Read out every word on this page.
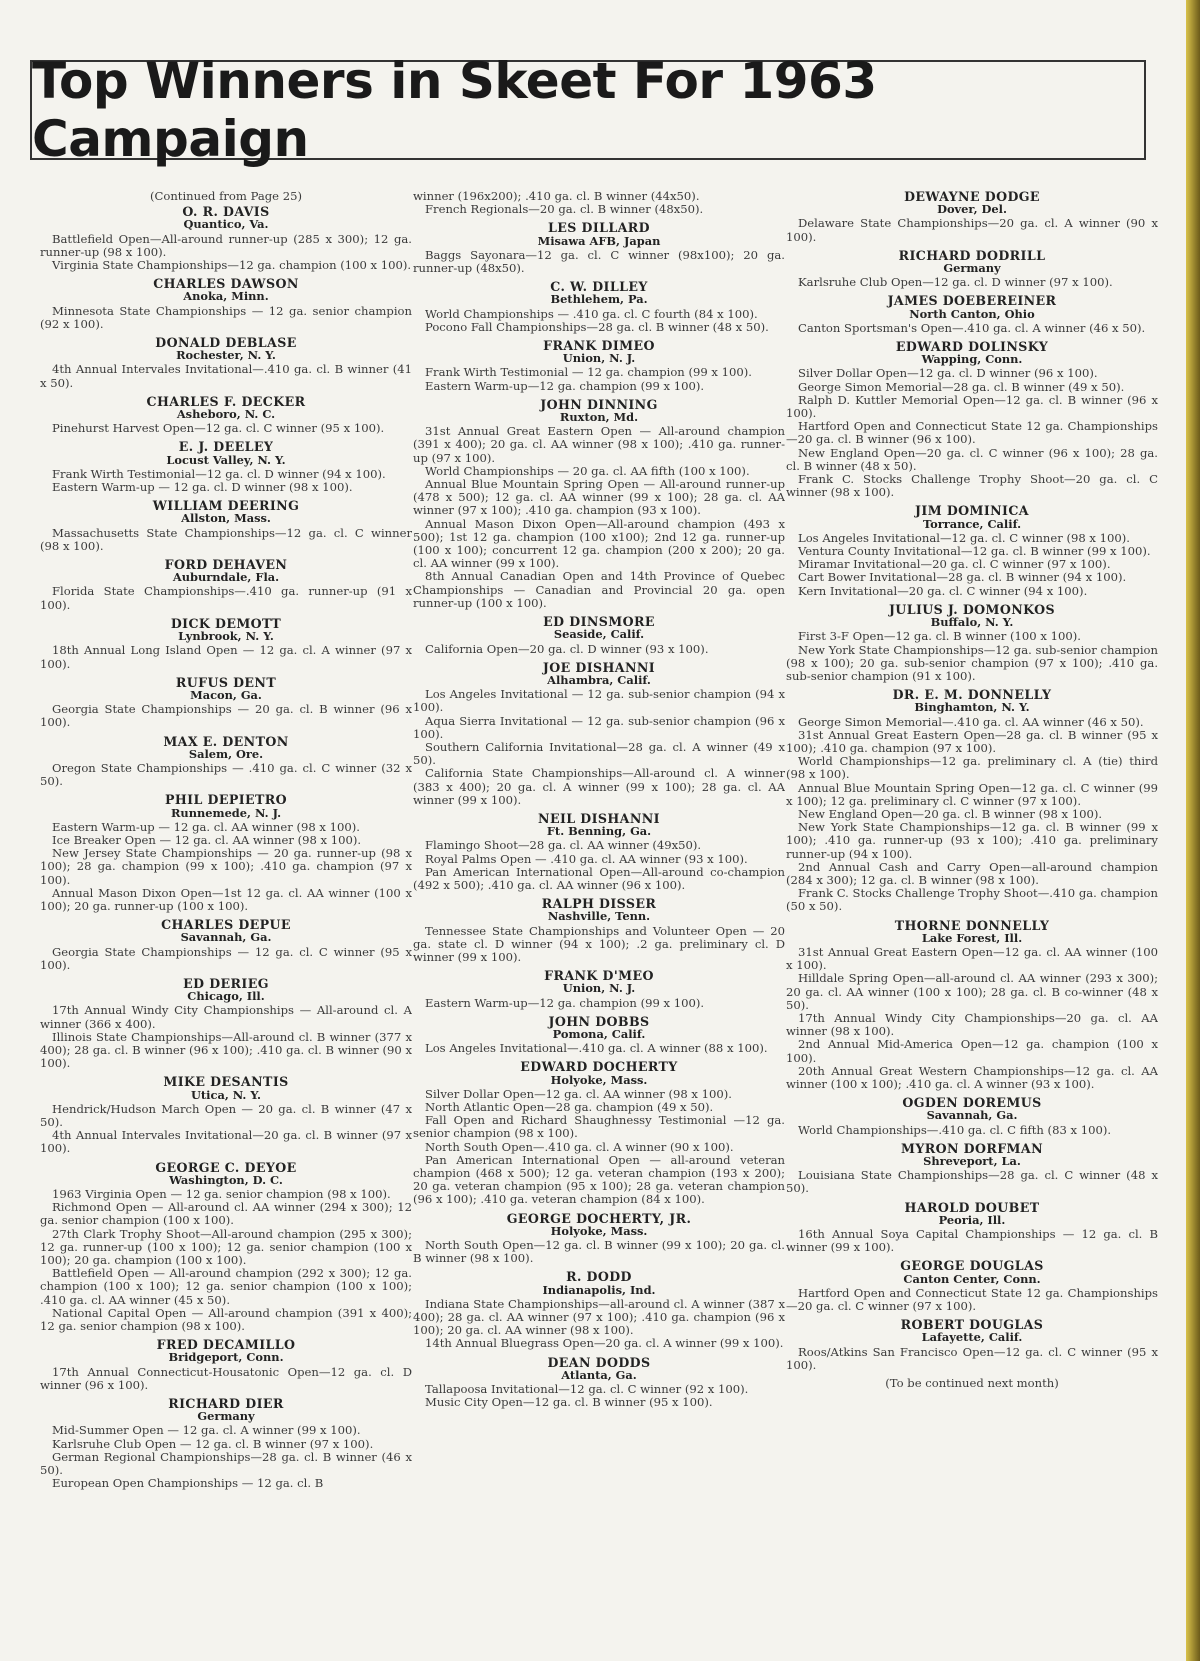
Top Winners in Skeet For 1963 Campaign
(Continued from Page 25)
O. R. DAVIS
Quantico, Va.

Battlefield Open—All-around runner-up (285 x 300); 12 ga. runner-up (98 x 100).

Virginia State Championships—12 ga. champion (100 x 100).

CHARLES DAWSON
Anoka, Minn.

Minnesota State Championships — 12 ga. senior champion (92 x 100).

DONALD DEBLASE
Rochester, N. Y.

4th Annual Intervales Invitational—.410 ga. cl. B winner (41 x 50).

CHARLES F. DECKER
Asheboro, N. C.

Pinehurst Harvest Open—12 ga. cl. C winner (95 x 100).

E. J. DEELEY
Locust Valley, N. Y.

Frank Wirth Testimonial—12 ga. cl. D winner (94 x 100).

Eastern Warm-up — 12 ga. cl. D winner (98 x 100).

WILLIAM DEERING
Allston, Mass.

Massachusetts State Championships—12 ga. cl. C winner (98 x 100).

FORD DEHAVEN
Auburndale, Fla.

Florida State Championships—.410 ga. runner-up (91 x 100).

DICK DEMOTT
Lynbrook, N. Y.

18th Annual Long Island Open — 12 ga. cl. A winner (97 x 100).

RUFUS DENT
Macon, Ga.

Georgia State Championships — 20 ga. cl. B winner (96 x 100).

MAX E. DENTON
Salem, Ore.

Oregon State Championships — .410 ga. cl. C winner (32 x 50).

PHIL DEPIETRO
Runnemede, N. J.

Eastern Warm-up — 12 ga. cl. AA winner (98 x 100).

Ice Breaker Open — 12 ga. cl. AA winner (98 x 100).

New Jersey State Championships — 20 ga. runner-up (98 x 100); 28 ga. champion (99 x 100); .410 ga. champion (97 x 100).

Annual Mason Dixon Open—1st 12 ga. cl. AA winner (100 x 100); 20 ga. runner-up (100 x 100).

CHARLES DEPUE
Savannah, Ga.

Georgia State Championships — 12 ga. cl. C winner (95 x 100).

ED DERIEG
Chicago, Ill.

17th Annual Windy City Championships — All-around cl. A winner (366 x 400).

Illinois State Championships—All-around cl. B winner (377 x 400); 28 ga. cl. B winner (96 x 100); .410 ga. cl. B winner (90 x 100).

MIKE DESANTIS
Utica, N. Y.

Hendrick/Hudson March Open — 20 ga. cl. B winner (47 x 50).

4th Annual Intervales Invitational—20 ga. cl. B winner (97 x 100).

GEORGE C. DEYOE
Washington, D. C.

1963 Virginia Open — 12 ga. senior champion (98 x 100).

Richmond Open — All-around cl. AA winner (294 x 300); 12 ga. senior champion (100 x 100).

27th Clark Trophy Shoot—All-around champion (295 x 300); 12 ga. runner-up (100 x 100); 12 ga. senior champion (100 x 100); 20 ga. champion (100 x 100).

Battlefield Open — All-around champion (292 x 300); 12 ga. champion (100 x 100); 12 ga. senior champion (100 x 100); .410 ga. cl. AA winner (45 x 50).

National Capital Open — All-around champion (391 x 400); 12 ga. senior champion (98 x 100).

FRED DECAMILLO
Bridgeport, Conn.

17th Annual Connecticut-Housatonic Open—12 ga. cl. D winner (96 x 100).

RICHARD DIER
Germany

Mid-Summer Open — 12 ga. cl. A winner (99 x 100).

Karlsruhe Club Open — 12 ga. cl. B winner (97 x 100).

German Regional Championships—28 ga. cl. B winner (46 x 50).

European Open Championships — 12 ga. cl. B

winner (196x200); .410 ga. cl. B winner (44x50).

French Regionals—20 ga. cl. B winner (48x50).

LES DILLARD
Misawa AFB, Japan

Baggs Sayonara—12 ga. cl. C winner (98x100); 20 ga. runner-up (48x50).

C. W. DILLEY
Bethlehem, Pa.

World Championships — .410 ga. cl. C fourth (84 x 100).

Pocono Fall Championships—28 ga. cl. B winner (48 x 50).

FRANK DIMEO
Union, N. J.

Frank Wirth Testimonial — 12 ga. champion (99 x 100).

Eastern Warm-up—12 ga. champion (99 x 100).

JOHN DINNING
Ruxton, Md.

31st Annual Great Eastern Open — All-around champion (391 x 400); 20 ga. cl. AA winner (98 x 100); .410 ga. runner-up (97 x 100).

World Championships — 20 ga. cl. AA fifth (100 x 100).

Annual Blue Mountain Spring Open — All-around runner-up (478 x 500); 12 ga. cl. AA winner (99 x 100); 28 ga. cl. AA winner (97 x 100); .410 ga. champion (93 x 100).

Annual Mason Dixon Open—All-around champion (493 x 500); 1st 12 ga. champion (100 x100); 2nd 12 ga. runner-up (100 x 100); concurrent 12 ga. champion (200 x 200); 20 ga. cl. AA winner (99 x 100).

8th Annual Canadian Open and 14th Province of Quebec Championships — Canadian and Provincial 20 ga. open runner-up (100 x 100).

ED DINSMORE
Seaside, Calif.

California Open—20 ga. cl. D winner (93 x 100).

JOE DISHANNI
Alhambra, Calif.

Los Angeles Invitational — 12 ga. sub-senior champion (94 x 100).

Aqua Sierra Invitational — 12 ga. sub-senior champion (96 x 100).

Southern California Invitational—28 ga. cl. A winner (49 x 50).

California State Championships—All-around cl. A winner (383 x 400); 20 ga. cl. A winner (99 x 100); 28 ga. cl. AA winner (99 x 100).

NEIL DISHANNI
Ft. Benning, Ga.

Flamingo Shoot—28 ga. cl. AA winner (49x50).

Royal Palms Open — .410 ga. cl. AA winner (93 x 100).

Pan American International Open—All-around co-champion (492 x 500); .410 ga. cl. AA winner (96 x 100).

RALPH DISSER
Nashville, Tenn.

Tennessee State Championships and Volunteer Open — 20 ga. state cl. D winner (94 x 100); .2 ga. preliminary cl. D winner (99 x 100).

FRANK D'MEO
Union, N. J.

Eastern Warm-up—12 ga. champion (99 x 100).

JOHN DOBBS
Pomona, Calif.

Los Angeles Invitational—.410 ga. cl. A winner (88 x 100).

EDWARD DOCHERTY
Holyoke, Mass.

Silver Dollar Open—12 ga. cl. AA winner (98 x 100).

North Atlantic Open—28 ga. champion (49 x 50).

Fall Open and Richard Shaughnessy Testimonial —12 ga. senior champion (98 x 100).

North South Open—.410 ga. cl. A winner (90 x 100).

Pan American International Open — all-around veteran champion (468 x 500); 12 ga. veteran champion (193 x 200); 20 ga. veteran champion (95 x 100); 28 ga. veteran champion (96 x 100); .410 ga. veteran champion (84 x 100).

GEORGE DOCHERTY, JR.
Holyoke, Mass.

North South Open—12 ga. cl. B winner (99 x 100); 20 ga. cl. B winner (98 x 100).

R. DODD
Indianapolis, Ind.

Indiana State Championships—all-around cl. A winner (387 x 400); 28 ga. cl. AA winner (97 x 100); .410 ga. champion (96 x 100); 20 ga. cl. AA winner (98 x 100).

14th Annual Bluegrass Open—20 ga. cl. A winner (99 x 100).

DEAN DODDS
Atlanta, Ga.

Tallapoosa Invitational—12 ga. cl. C winner (92 x 100).

Music City Open—12 ga. cl. B winner (95 x 100).

DEWAYNE DODGE
Dover, Del.

Delaware State Championships—20 ga. cl. A winner (90 x 100).

RICHARD DODRILL
Germany

Karlsruhe Club Open—12 ga. cl. D winner (97 x 100).

JAMES DOEBEREINER
North Canton, Ohio

Canton Sportsman's Open—.410 ga. cl. A winner (46 x 50).

EDWARD DOLINSKY
Wapping, Conn.

Silver Dollar Open—12 ga. cl. D winner (96 x 100).

George Simon Memorial—28 ga. cl. B winner (49 x 50).

Ralph D. Kuttler Memorial Open—12 ga. cl. B winner (96 x 100).

Hartford Open and Connecticut State 12 ga. Championships—20 ga. cl. B winner (96 x 100).

New England Open—20 ga. cl. C winner (96 x 100); 28 ga. cl. B winner (48 x 50).

Frank C. Stocks Challenge Trophy Shoot—20 ga. cl. C winner (98 x 100).

JIM DOMINICA
Torrance, Calif.

Los Angeles Invitational—12 ga. cl. C winner (98 x 100).

Ventura County Invitational—12 ga. cl. B winner (99 x 100).

Miramar Invitational—20 ga. cl. C winner (97 x 100).

Cart Bower Invitational—28 ga. cl. B winner (94 x 100).

Kern Invitational—20 ga. cl. C winner (94 x 100).

JULIUS J. DOMONKOS
Buffalo, N. Y.

First 3-F Open—12 ga. cl. B winner (100 x 100).

New York State Championships—12 ga. sub-senior champion (98 x 100); 20 ga. sub-senior champion (97 x 100); .410 ga. sub-senior champion (91 x 100).

DR. E. M. DONNELLY
Binghamton, N. Y.

George Simon Memorial—.410 ga. cl. AA winner (46 x 50).

31st Annual Great Eastern Open—28 ga. cl. B winner (95 x 100); .410 ga. champion (97 x 100).

World Championships—12 ga. preliminary cl. A (tie) third (98 x 100).

Annual Blue Mountain Spring Open—12 ga. cl. C winner (99 x 100); 12 ga. preliminary cl. C winner (97 x 100).

New England Open—20 ga. cl. B winner (98 x 100).

New York State Championships—12 ga. cl. B winner (99 x 100); .410 ga. runner-up (93 x 100); .410 ga. preliminary runner-up (94 x 100).

2nd Annual Cash and Carry Open—all-around champion (284 x 300); 12 ga. cl. B winner (98 x 100).

Frank C. Stocks Challenge Trophy Shoot—.410 ga. champion (50 x 50).

THORNE DONNELLY
Lake Forest, Ill.

31st Annual Great Eastern Open—12 ga. cl. AA winner (100 x 100).

Hilldale Spring Open—all-around cl. AA winner (293 x 300); 20 ga. cl. AA winner (100 x 100); 28 ga. cl. B co-winner (48 x 50).

17th Annual Windy City Championships—20 ga. cl. AA winner (98 x 100).

2nd Annual Mid-America Open—12 ga. champion (100 x 100).

20th Annual Great Western Championships—12 ga. cl. AA winner (100 x 100); .410 ga. cl. A winner (93 x 100).

OGDEN DOREMUS
Savannah, Ga.

World Championships—.410 ga. cl. C fifth (83 x 100).

MYRON DORFMAN
Shreveport, La.

Louisiana State Championships—28 ga. cl. C winner (48 x 50).

HAROLD DOUBET
Peoria, Ill.

16th Annual Soya Capital Championships — 12 ga. cl. B winner (99 x 100).

GEORGE DOUGLAS
Canton Center, Conn.

Hartford Open and Connecticut State 12 ga. Championships—20 ga. cl. C winner (97 x 100).

ROBERT DOUGLAS
Lafayette, Calif.

Roos/Atkins San Francisco Open—12 ga. cl. C winner (95 x 100).

(To be continued next month)
